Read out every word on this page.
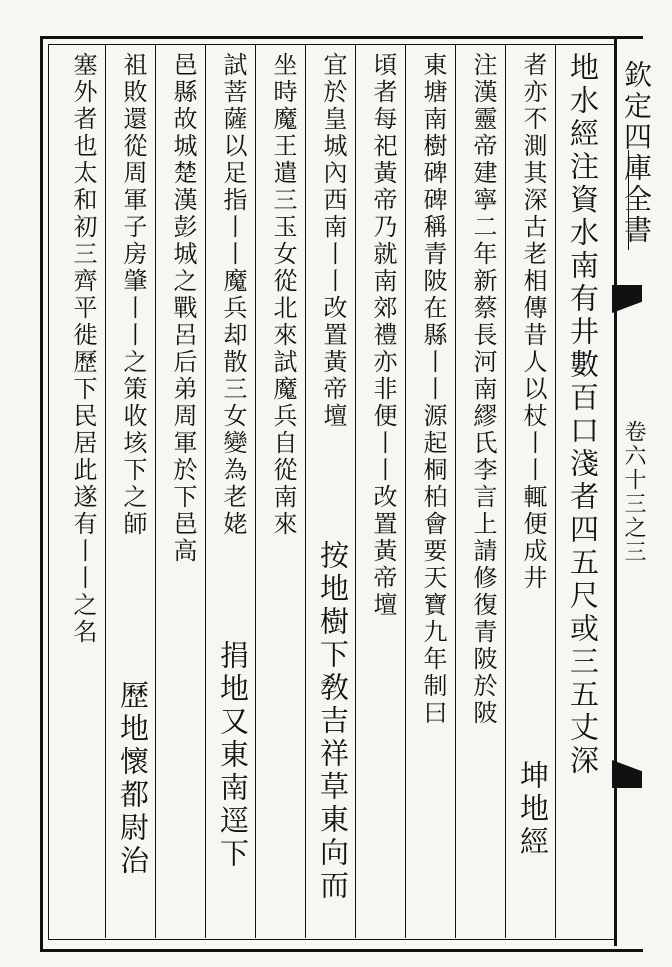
欽定四庫全書
卷六十三之三
地水經注資水南有井數百口淺者四五尺或三五丈深
者亦不測其深古老相傳昔人以杖丨丨輒便成井
坤地經
注漢靈帝建寧二年新蔡長河南繆氏李言上請修復青陂於陂
東塘南樹碑碑稱青陂在縣丨丨源起桐柏會要天寶九年制曰
頃者每祀黃帝乃就南郊禮亦非便丨丨改置黃帝壇
宜於皇城內西南丨丨改置黃帝壇
按地樹下敎吉祥草東向而
坐時魔王遣三玉女從北來試魔兵自從南來
試菩薩以足指丨丨魔兵却散三女變為老姥
捐地又東南逕下
邑縣故城楚漢彭城之戰呂后弟周軍於下邑高
祖敗還從周軍子房肇丨丨之策收垓下之師
歷地懷都尉治
塞外者也太和初三齊平徙歷下民居此遂有丨丨之名
